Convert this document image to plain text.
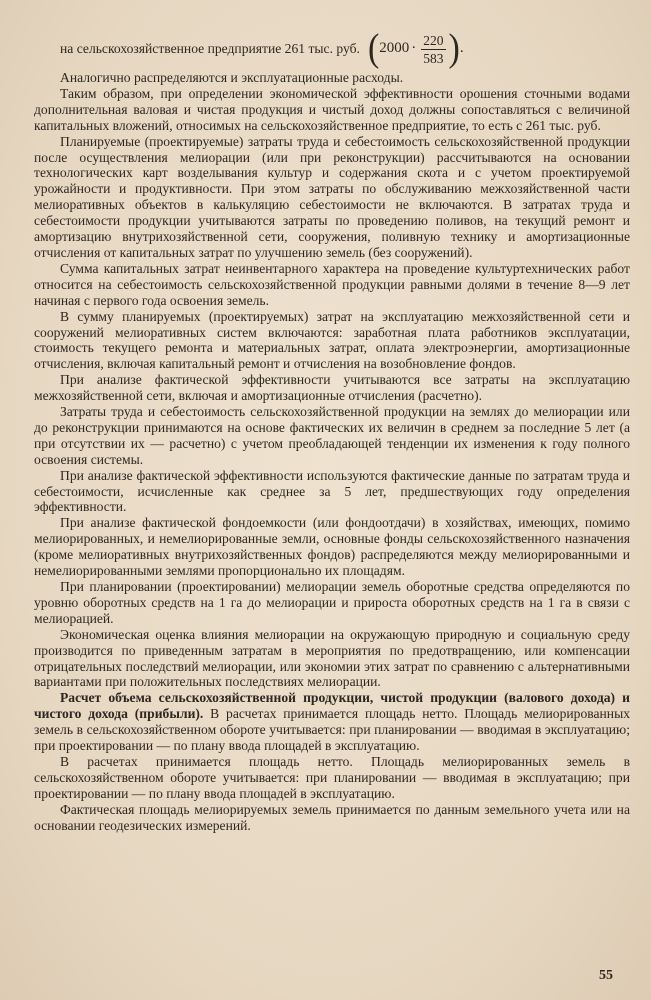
на сельскохозяйственное предприятие 261 тыс. руб. ( $2000 \cdot \frac{220}{583}$ ) .

Аналогично распределяются и эксплуатационные расходы.

Таким образом, при определении экономической эффективности орошения сточными водами дополнительная валовая и чистая продукция и чистый доход должны сопоставляться с величиной капитальных вложений, относимых на сельскохозяйственное предприятие, то есть с 261 тыс. руб.

Планируемые (проектируемые) затраты труда и себестоимость сельскохозяйственной продукции после осуществления мелиорации (или при реконструкции) рассчитываются на основании технологических карт возделывания культур и содержания скота и с учетом проектируемой урожайности и продуктивности. При этом затраты по обслуживанию межхозяйственной части мелиоративных объектов в калькуляцию себестоимости не включаются. В затратах труда и себестоимости продукции учитываются затраты по проведению поливов, на текущий ремонт и амортизацию внутрихозяйственной сети, сооружения, поливную технику и амортизационные отчисления от капитальных затрат по улучшению земель (без сооружений).

Сумма капитальных затрат неинвентарного характера на проведение культуртехнических работ относится на себестоимость сельскохозяйственной продукции равными долями в течение 8—9 лет начиная с первого года освоения земель.

В сумму планируемых (проектируемых) затрат на эксплуатацию межхозяйственной сети и сооружений мелиоративных систем включаются: заработная плата работников эксплуатации, стоимость текущего ремонта и материальных затрат, оплата электроэнергии, амортизационные отчисления, включая капитальный ремонт и отчисления на возобновление фондов.

При анализе фактической эффективности учитываются все затраты на эксплуатацию межхозяйственной сети, включая и амортизационные отчисления (расчетно).

Затраты труда и себестоимость сельскохозяйственной продукции на землях до мелиорации или до реконструкции принимаются на основе фактических их величин в среднем за последние 5 лет (а при отсутствии их — расчетно) с учетом преобладающей тенденции их изменения к году полного освоения системы.

При анализе фактической эффективности используются фактические данные по затратам труда и себестоимости, исчисленные как среднее за 5 лет, предшествующих году определения эффективности.

При анализе фактической фондоемкости (или фондоотдачи) в хозяйствах, имеющих, помимо мелиорированных, и немелиорированные земли, основные фонды сельскохозяйственного назначения (кроме мелиоративных внутрихозяйственных фондов) распределяются между мелиорированными и немелиорированными землями пропорционально их площадям.

При планировании (проектировании) мелиорации земель оборотные средства определяются по уровню оборотных средств на 1 га до мелиорации и прироста оборотных средств на 1 га в связи с мелиорацией.

Экономическая оценка влияния мелиорации на окружающую природную и социальную среду производится по приведенным затратам в мероприятия по предотвращению, или компенсации отрицательных последствий мелиорации, или экономии этих затрат по сравнению с альтернативными вариантами при положительных последствиях мелиорации.

Расчет объема сельскохозяйственной продукции, чистой продукции (валового дохода) и чистого дохода (прибыли). В расчетах принимается площадь нетто. Площадь мелиорированных земель в сельскохозяйственном обороте учитывается: при планировании — вводимая в эксплуатацию; при проектировании — по плану ввода площадей в эксплуатацию.

В расчетах принимается площадь нетто. Площадь мелиорированных земель в сельскохозяйственном обороте учитывается: при планировании — вводимая в эксплуатацию; при проектировании — по плану ввода площадей в эксплуатацию.

Фактическая площадь мелиорируемых земель принимается по данным земельного учета или на основании геодезических измерений.

55
